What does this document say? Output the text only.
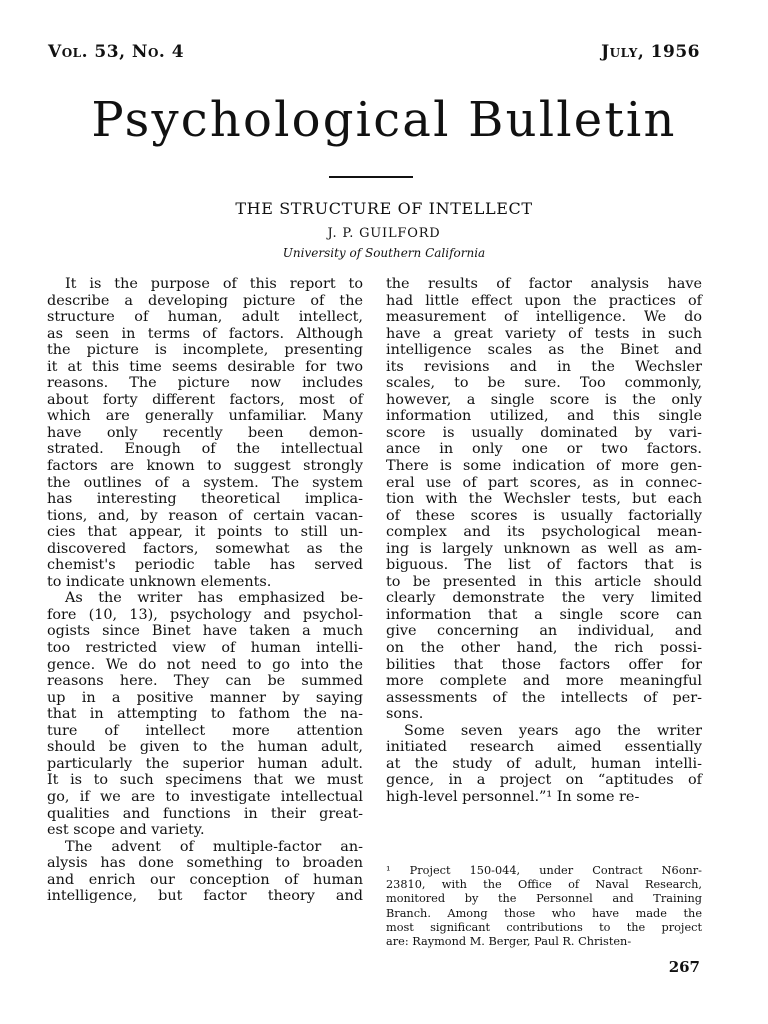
Vol. 53, No. 4	July, 1956
Psychological Bulletin
THE STRUCTURE OF INTELLECT
J. P. GUILFORD
University of Southern California
It is the purpose of this report to
describe a developing picture of the
structure of human, adult intellect,
as seen in terms of factors. Although
the picture is incomplete, presenting
it at this time seems desirable for two
reasons. The picture now includes
about forty different factors, most of
which are generally unfamiliar. Many
have only recently been demon-
strated. Enough of the intellectual
factors are known to suggest strongly
the outlines of a system. The system
has interesting theoretical implica-
tions, and, by reason of certain vacan-
cies that appear, it points to still un-
discovered factors, somewhat as the
chemist's periodic table has served
to indicate unknown elements.
As the writer has emphasized be-
fore (10, 13), psychology and psychol-
ogists since Binet have taken a much
too restricted view of human intelli-
gence. We do not need to go into the
reasons here. They can be summed
up in a positive manner by saying
that in attempting to fathom the na-
ture of intellect more attention
should be given to the human adult,
particularly the superior human adult.
It is to such specimens that we must
go, if we are to investigate intellectual
qualities and functions in their great-
est scope and variety.
The advent of multiple-factor an-
alysis has done something to broaden
and enrich our conception of human
intelligence, but factor theory and
the results of factor analysis have
had little effect upon the practices of
measurement of intelligence. We do
have a great variety of tests in such
intelligence scales as the Binet and
its revisions and in the Wechsler
scales, to be sure. Too commonly,
however, a single score is the only
information utilized, and this single
score is usually dominated by vari-
ance in only one or two factors.
There is some indication of more gen-
eral use of part scores, as in connec-
tion with the Wechsler tests, but each
of these scores is usually factorially
complex and its psychological mean-
ing is largely unknown as well as am-
biguous. The list of factors that is
to be presented in this article should
clearly demonstrate the very limited
information that a single score can
give concerning an individual, and
on the other hand, the rich possi-
bilities that those factors offer for
more complete and more meaningful
assessments of the intellects of per-
sons.
Some seven years ago the writer
initiated research aimed essentially
at the study of adult, human intelli-
gence, in a project on “aptitudes of
high-level personnel.”¹ In some re-
¹ Project 150-044, under Contract N6onr-
23810, with the Office of Naval Research,
monitored by the Personnel and Training
Branch. Among those who have made the
most significant contributions to the project
are: Raymond M. Berger, Paul R. Christen-
267
